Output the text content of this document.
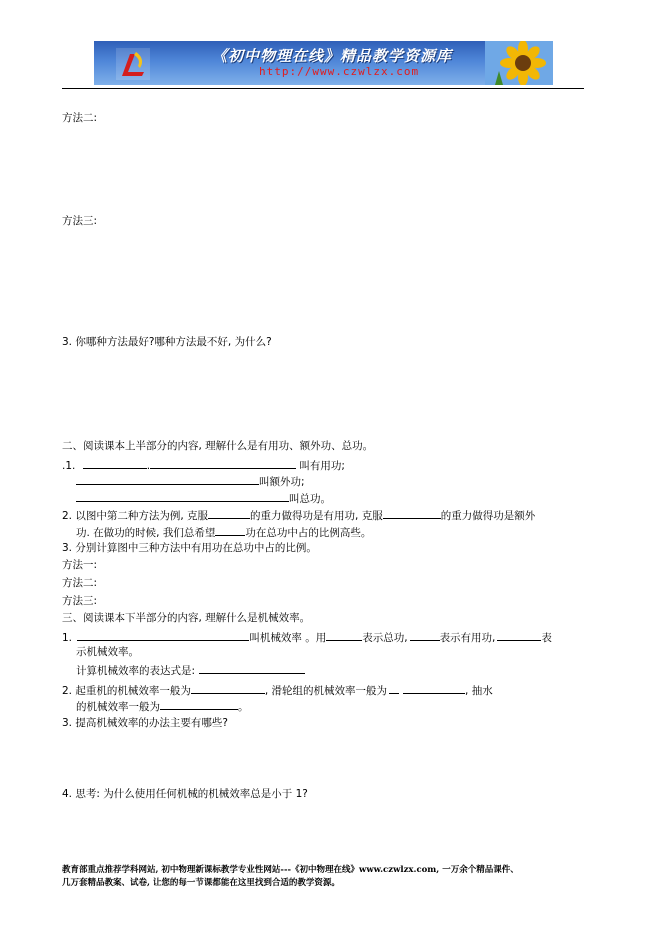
《初中物理在线》精品教学资源库
http://www.czwlzx.com
方法二:
方法三:
3. 你哪种方法最好?哪种方法最不好, 为什么?
二、阅读课本上半部分的内容, 理解什么是有用功、额外功、总功。
.1.	.	叫有用功;
叫额外功;
叫总功。
2. 以图中第二种方法为例, 克服	的重力做得功是有用功, 克服	的重力做得功是额外
功. 在做功的时候, 我们总希望	功在总功中占的比例高些。
3. 分别计算图中三种方法中有用功在总功中占的比例。
方法一:
方法二:
方法三:
三、阅读课本下半部分的内容, 理解什么是机械效率。
1.	叫机械效率 。用	表示总功,	表示有用功,	表
示机械效率。
计算机械效率的表达式是:
2. 起重机的机械效率一般为	, 滑轮组的机械效率一般为	, 抽水
的机械效率一般为	。
3. 提高机械效率的办法主要有哪些?
4. 思考: 为什么使用任何机械的机械效率总是小于 1?
教育部重点推荐学科网站, 初中物理新课标教学专业性网站---《初中物理在线》www.czwlzx.com, 一万余个精品课件、
几万套精品教案、试卷, 让您的每一节课都能在这里找到合适的教学资源。
